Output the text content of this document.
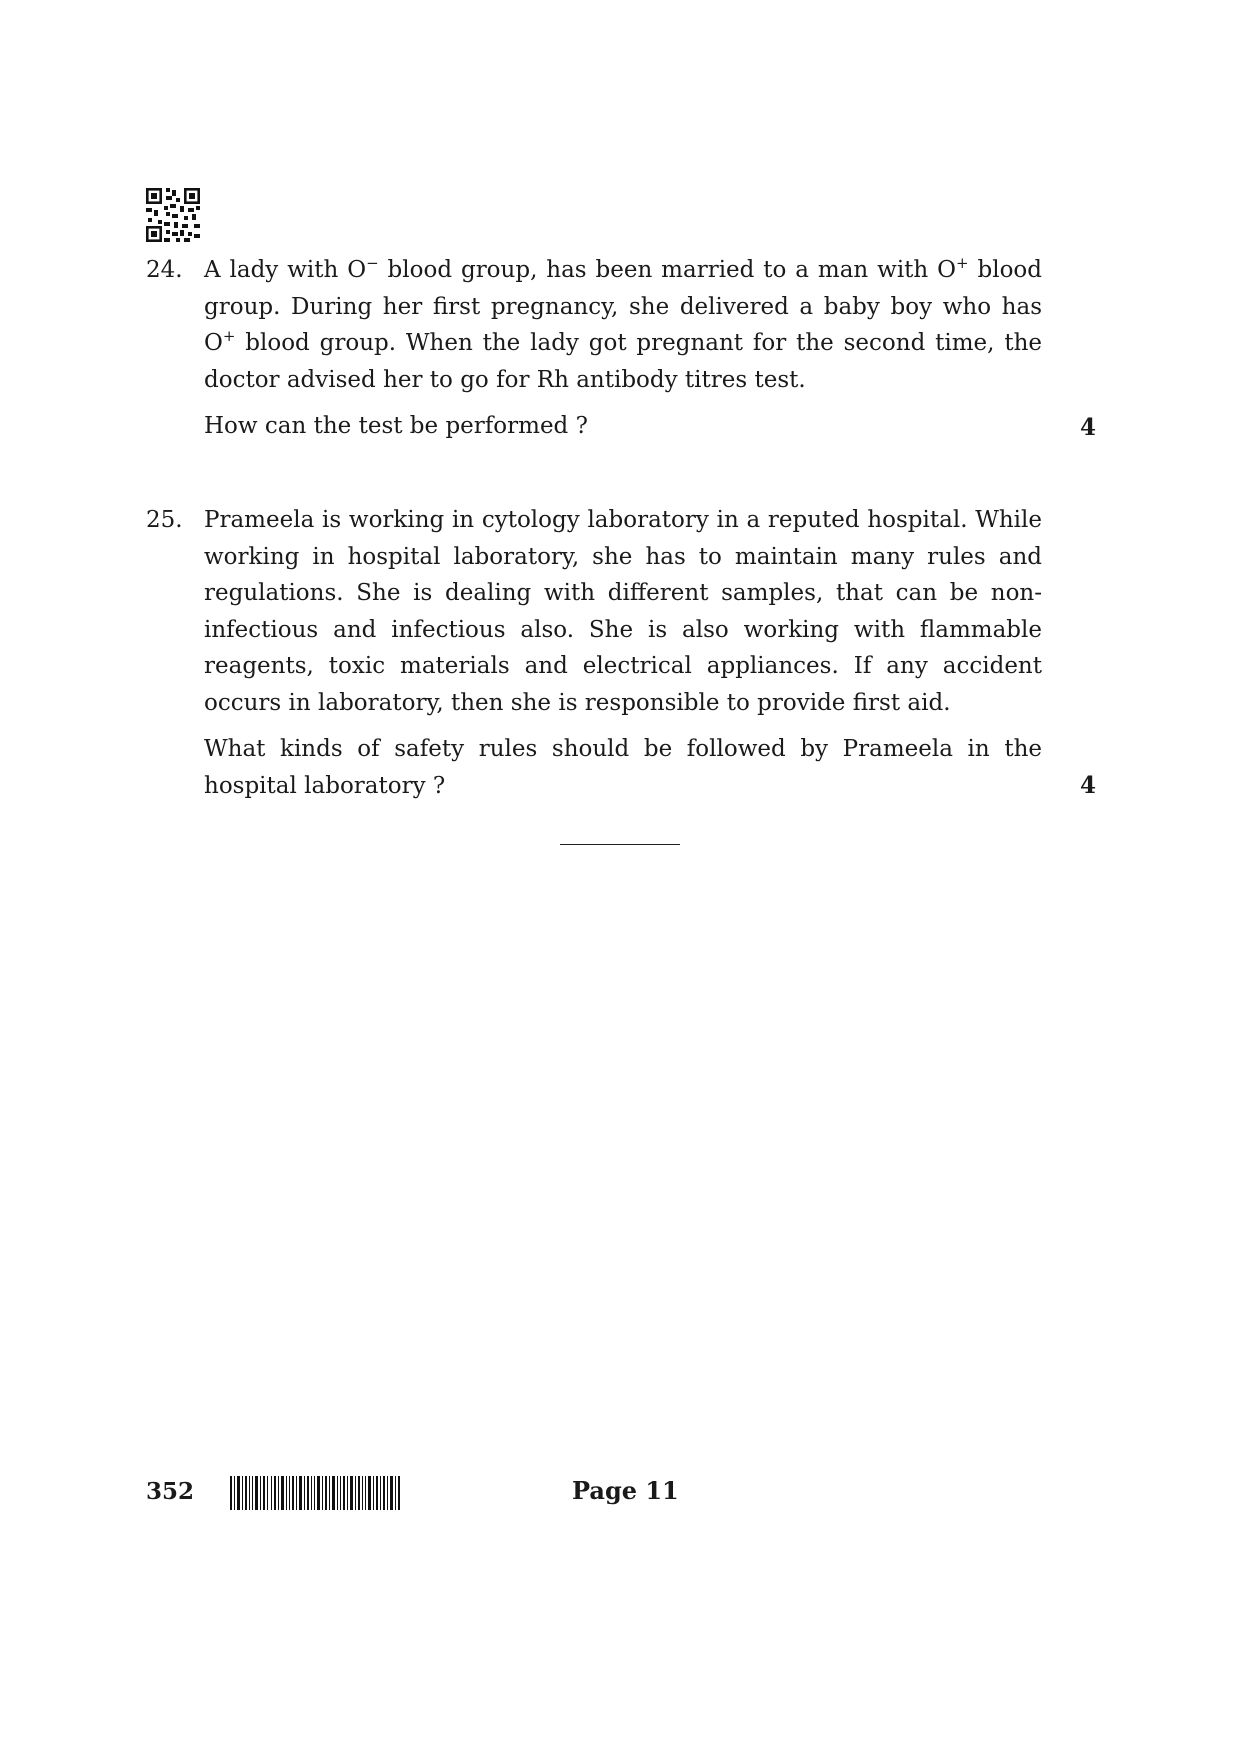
24. A lady with O− blood group, has been married to a man with O+ blood group. During her first pregnancy, she delivered a baby boy who has O+ blood group. When the lady got pregnant for the second time, the doctor advised her to go for Rh antibody titres test.

How can the test be performed ?	4
25. Prameela is working in cytology laboratory in a reputed hospital. While working in hospital laboratory, she has to maintain many rules and regulations. She is dealing with different samples, that can be non-infectious and infectious also. She is also working with flammable reagents, toxic materials and electrical appliances. If any accident occurs in laboratory, then she is responsible to provide first aid.

What kinds of safety rules should be followed by Prameela in the hospital laboratory ?	4
352	Page 11
